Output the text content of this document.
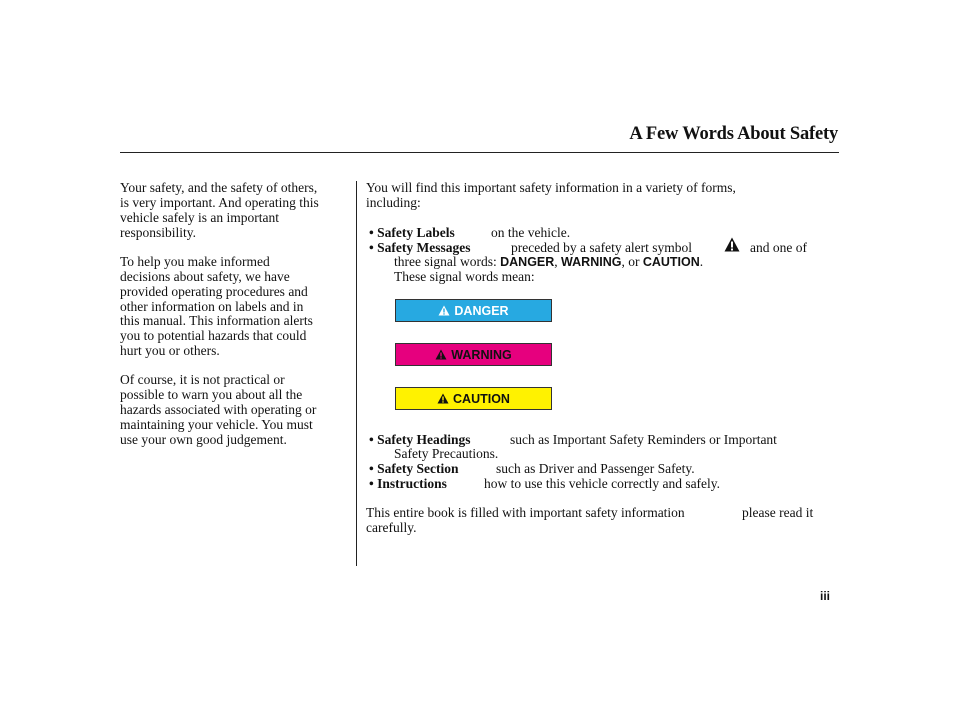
A Few Words About Safety
Your safety, and the safety of others,
is very important. And operating this
vehicle safely is an important
responsibility.
To help you make informed
decisions about safety, we have
provided operating procedures and
other information on labels and in
this manual. This information alerts
you to potential hazards that could
hurt you or others.
Of course, it is not practical or
possible to warn you about all the
hazards associated with operating or
maintaining your vehicle. You must
use your own good judgement.
You will find this important safety information in a variety of forms,
including:
• Safety Labels	on the vehicle.
• Safety Messages	preceded by a safety alert symbol	and one of
three signal words: DANGER, WARNING, or CAUTION.
These signal words mean:
DANGER
WARNING
CAUTION
• Safety Headings	such as Important Safety Reminders or Important
Safety Precautions.
• Safety Section	such as Driver and Passenger Safety.
• Instructions	how to use this vehicle correctly and safely.
This entire book is filled with important safety information	please read it
carefully.
iii
